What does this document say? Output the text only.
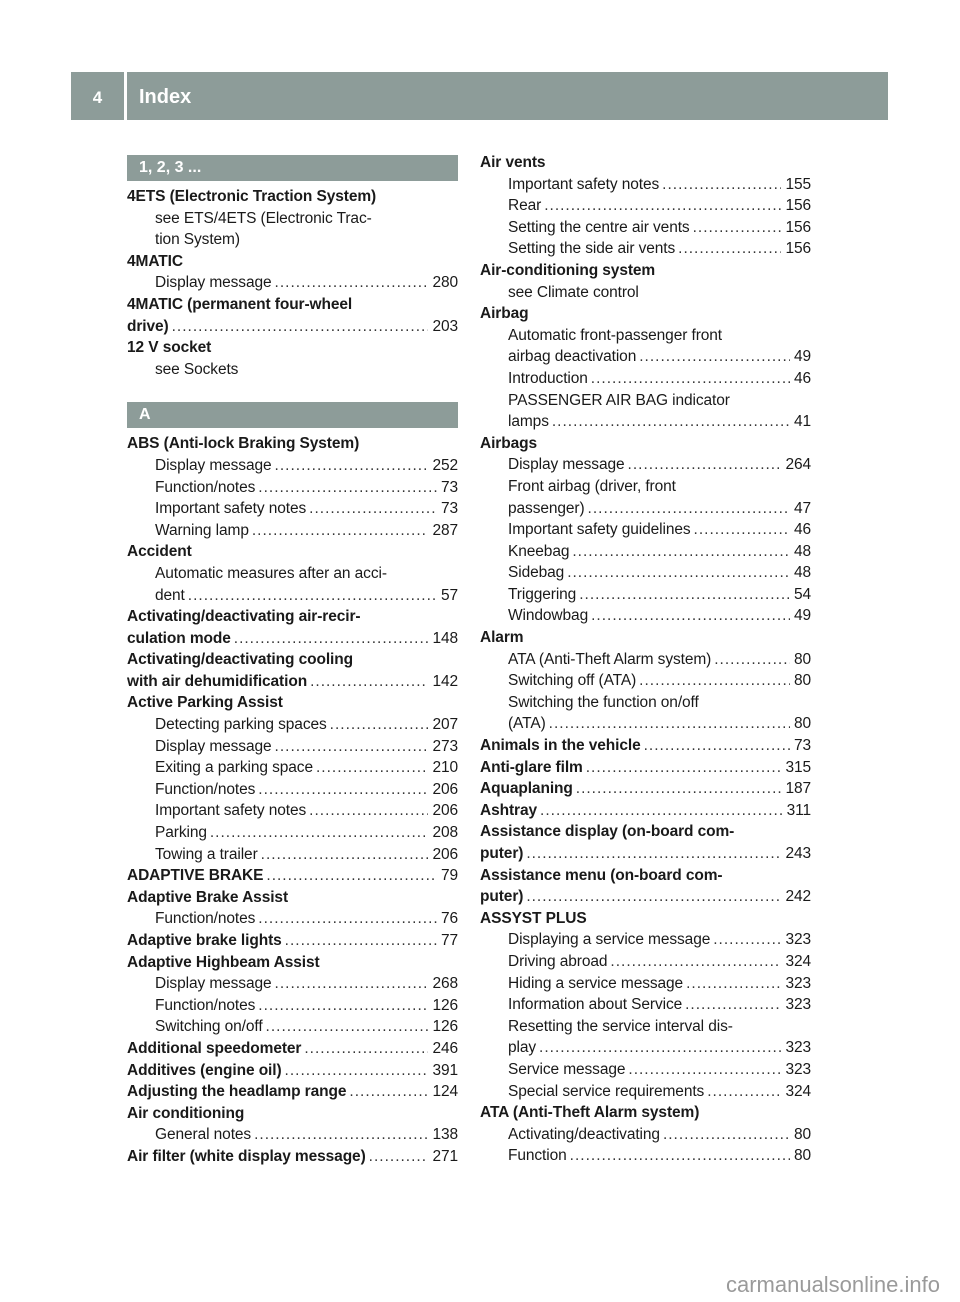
4	Index
1, 2, 3 ...
4ETS (Electronic Traction System)
see ETS/4ETS (Electronic Trac-
tion System)
4MATIC
Display message .....	280
4MATIC (permanent four-wheel
drive) .....	203
12 V socket
see Sockets
A
ABS (Anti-lock Braking System)
Display message .....	252
Function/notes .....	73
Important safety notes .....	73
Warning lamp .....	287
Accident
Automatic measures after an acci-
dent .....	57
Activating/deactivating air-recir-
culation mode .....	148
Activating/deactivating cooling
with air dehumidification .....	142
Active Parking Assist
Detecting parking spaces .....	207
Display message .....	273
Exiting a parking space .....	210
Function/notes .....	206
Important safety notes .....	206
Parking .....	208
Towing a trailer .....	206
ADAPTIVE BRAKE .....	79
Adaptive Brake Assist
Function/notes .....	76
Adaptive brake lights .....	77
Adaptive Highbeam Assist
Display message .....	268
Function/notes .....	126
Switching on/off .....	126
Additional speedometer .....	246
Additives (engine oil) .....	391
Adjusting the headlamp range .....	124
Air conditioning
General notes .....	138
Air filter (white display message) .....	271
Air vents
Important safety notes .....	155
Rear .....	156
Setting the centre air vents .....	156
Setting the side air vents .....	156
Air-conditioning system
see Climate control
Airbag
Automatic front-passenger front
airbag deactivation .....	49
Introduction .....	46
PASSENGER AIR BAG indicator
lamps .....	41
Airbags
Display message .....	264
Front airbag (driver, front
passenger) .....	47
Important safety guidelines .....	46
Kneebag .....	48
Sidebag .....	48
Triggering .....	54
Windowbag .....	49
Alarm
ATA (Anti-Theft Alarm system) .....	80
Switching off (ATA) .....	80
Switching the function on/off
(ATA) .....	80
Animals in the vehicle .....	73
Anti-glare film .....	315
Aquaplaning .....	187
Ashtray .....	311
Assistance display (on-board com-
puter) .....	243
Assistance menu (on-board com-
puter) .....	242
ASSYST PLUS
Displaying a service message .....	323
Driving abroad .....	324
Hiding a service message .....	323
Information about Service .....	323
Resetting the service interval dis-
play .....	323
Service message .....	323
Special service requirements .....	324
ATA (Anti-Theft Alarm system)
Activating/deactivating .....	80
Function .....	80
carmanualsonline.info
